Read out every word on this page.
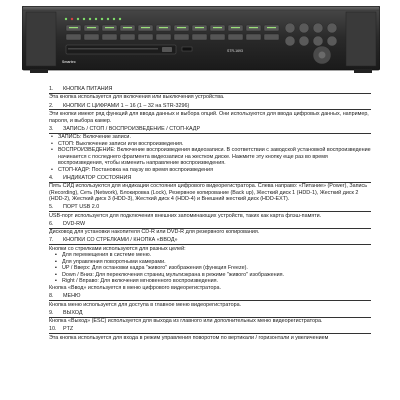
STR-1693
Smartec
1.	КНОПКА ПИТАНИЯ

Эта кнопка используется для включения или выключения устройства.

2.	КНОПКИ С ЦИФРАМИ 1 – 16 (1 – 32 на STR-3296)

Эти кнопки имеют ряд функций для ввода данных и выбора опций. Они используются для ввода цифровых данных, например, пароля, и выбора камер.

3.	ЗАПИСЬ / СТОП / ВОСПРОИЗВЕДЕНИЕ / СТОП-КАДР
• ЗАПИСЬ: Включение записи.
• СТОП: Выключение записи или воспроизведения.
• ВОСПРОИЗВЕДЕНИЕ: Включение воспроизведения видеозаписи. В соответствии с заводской установкой воспроизведение начинается с последнего фрагмента видеозаписи на жестком диске. Нажмите эту кнопку еще раз во время воспроизведения, чтобы изменить направление воспроизведения.
• СТОП-КАДР: Постановка на паузу во время воспроизведения
4.	ИНДИКАТОР СОСТОЯНИЯ

Пять СИД используются для индикации состояния цифрового видеорегистратора. Слева направо: «Питание» (Power), Запись (Recording), Сеть (Network), Блокировка (Lock), Резервное копирование (Back up), Жесткий диск 1 (HDD-1), Жесткий диск 2 (HDD-2), Жесткий диск 3 (HDD-3), Жесткий диск 4 (HDD-4) и Внешний жесткий диск (HDD-EXT).

5.	ПОРТ USB 2.0

USB-порт используется для подключения внешних запоминающих устройств, таких как карта флэш-памяти.

6.	DVD-RW

Дисковод для установки накопителя CD-R или DVD-R для резервного копирования.

7.	КНОПКИ СО СТРЕЛКАМИ / КНОПКА «ВВОД»

Кнопки со стрелками используются для разных целей:

▪ Для перемещения в системе меню.
▪ Для управления поворотными камерами.
▪ UP / Вверх: Для остановки кадра "живого" изображения (функция Freeze).
▪ Down / Вниз: Для переключения страниц мультиэкрана в режиме "живого" изображения.
▪ Right / Вправо: Для включения мгновенного воспроизведения.

Кнопка «Ввод» используется в меню цифрового видеорегистратора.

8.	МЕНЮ

Кнопка меню используется для доступа в главное меню видеорегистратора.

9.	ВЫХОД

Кнопка «Выход» (ESC) используется для выхода из главного или дополнительных меню видеорегистратора.

10.	PTZ

Эта кнопка используется для входа в режим управления поворотом по вертикали / горизонтали и увеличением
